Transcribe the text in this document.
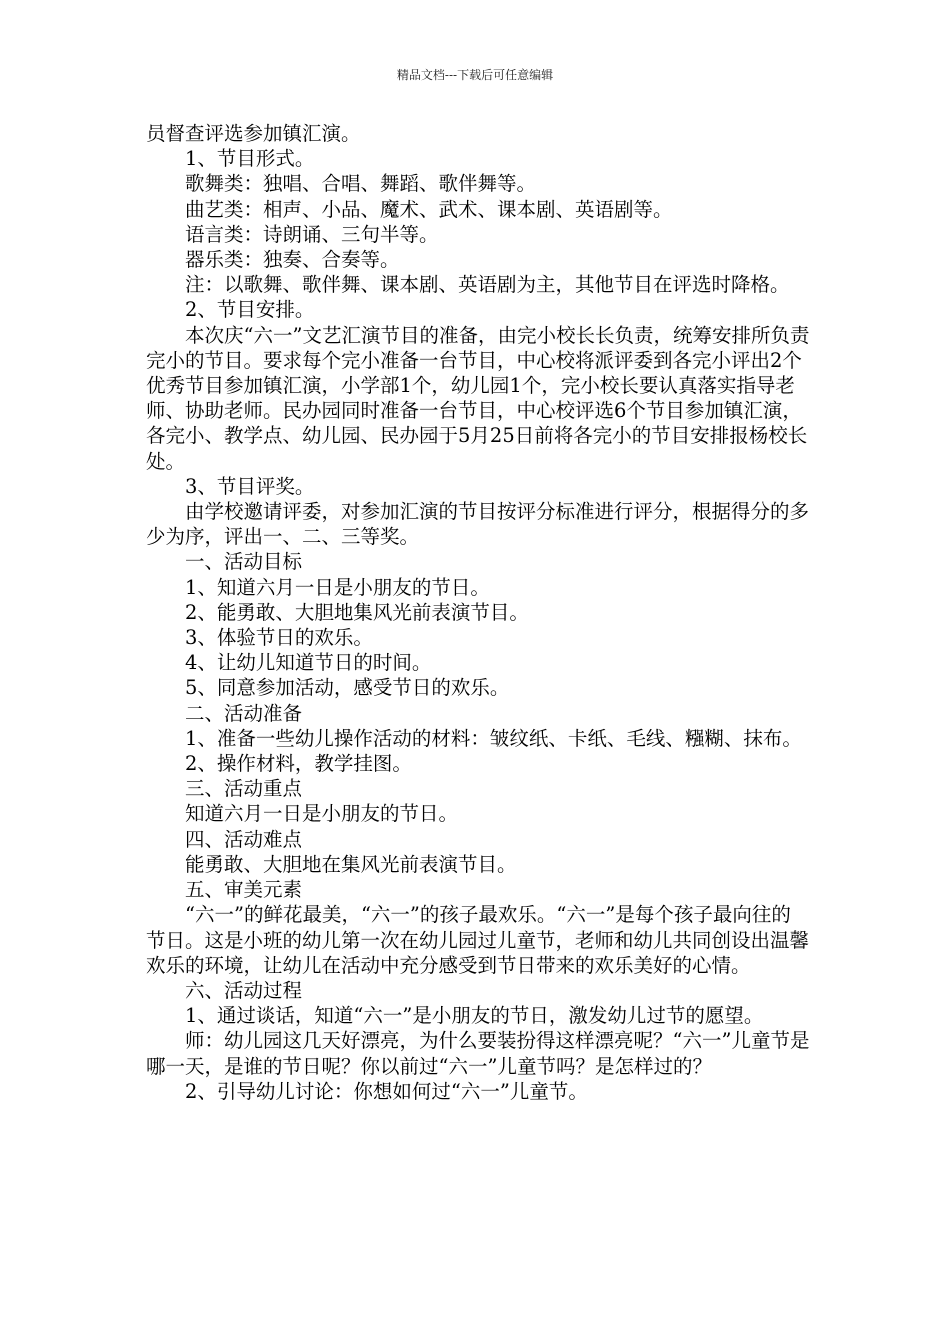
精品文档---下载后可任意编辑

员督查评选参加镇汇演。

1、节目形式。

歌舞类：独唱、合唱、舞蹈、歌伴舞等。

曲艺类：相声、小品、魔术、武术、课本剧、英语剧等。

语言类：诗朗诵、三句半等。

器乐类：独奏、合奏等。

注：以歌舞、歌伴舞、课本剧、英语剧为主，其他节目在评选时降格。

2、节目安排。

本次庆“六一”文艺汇演节目的准备，由完小校长长负责，统筹安排所负责完小的节目。要求每个完小准备一台节目，中心校将派评委到各完小评出2个优秀节目参加镇汇演，小学部1个，幼儿园1个，完小校长要认真落实指导老师、协助老师。民办园同时准备一台节目，中心校评选6个节目参加镇汇演，各完小、教学点、幼儿园、民办园于5月25日前将各完小的节目安排报杨校长处。

3、节目评奖。

由学校邀请评委，对参加汇演的节目按评分标准进行评分，根据得分的多少为序，评出一、二、三等奖。

一、活动目标

1、知道六月一日是小朋友的节日。

2、能勇敢、大胆地集风光前表演节目。

3、体验节日的欢乐。

4、让幼儿知道节日的时间。

5、同意参加活动，感受节日的欢乐。

二、活动准备

1、准备一些幼儿操作活动的材料：皱纹纸、卡纸、毛线、糨糊、抹布。

2、操作材料，教学挂图。

三、活动重点

知道六月一日是小朋友的节日。

四、活动难点

能勇敢、大胆地在集风光前表演节目。

五、审美元素

“六一”的鲜花最美，“六一”的孩子最欢乐。“六一”是每个孩子最向往的节日。这是小班的幼儿第一次在幼儿园过儿童节，老师和幼儿共同创设出温馨欢乐的环境，让幼儿在活动中充分感受到节日带来的欢乐美好的心情。

六、活动过程

1、通过谈话，知道“六一”是小朋友的节日，激发幼儿过节的愿望。

师：幼儿园这几天好漂亮，为什么要装扮得这样漂亮呢？“六一”儿童节是哪一天，是谁的节日呢？你以前过“六一”儿童节吗？是怎样过的？

2、引导幼儿讨论：你想如何过“六一”儿童节。
